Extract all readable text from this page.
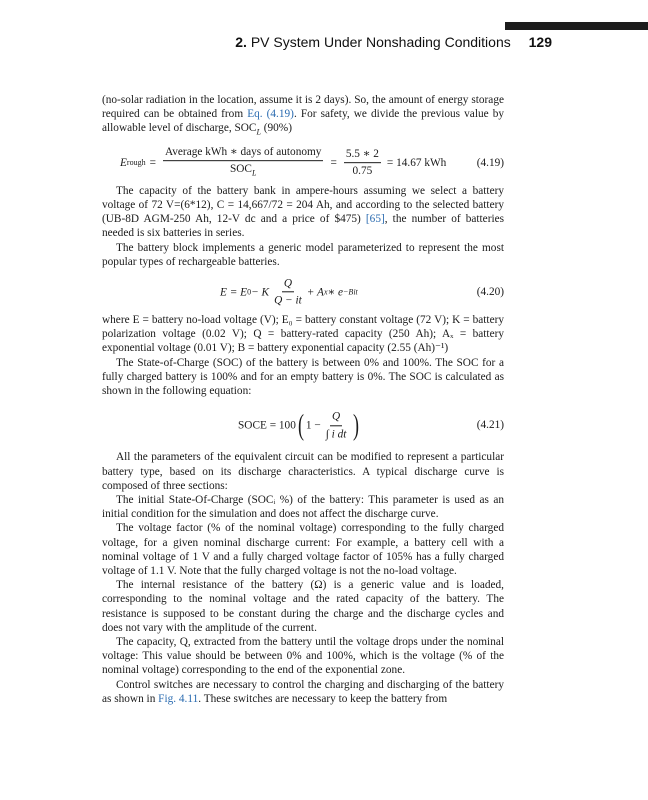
2. PV System Under Nonshading Conditions 129

(no-solar radiation in the location, assume it is 2 days). So, the amount of energy storage required can be obtained from Eq. (4.19). For safety, we divide the previous value by allowable level of discharge, $SOC_L$ (90%)

E rough = $\frac{\text{Average kWh ∗ days of autonomy}}{SOC_L} = \frac{5.5 ∗ 2}{0.75} = 14.67$ kWh	(4.19)

The capacity of the battery bank in ampere-hours assuming we select a battery voltage of 72 V=(6*12), C = 14,667/72 = 204 Ah, and according to the selected battery (UB-8D AGM-250 Ah, 12-V dc and a price of $475) [65], the number of batteries needed is six batteries in series.

The battery block implements a generic model parameterized to represent the most popular types of rechargeable batteries.

E = E 0 − K $\frac{Q}{Q - it} + A$ x ∗ e −Bit	(4.20)

where E = battery no-load voltage (V); E₀ = battery constant voltage (72 V); K = battery polarization voltage (0.02 V); Q = battery-rated capacity (250 Ah); Aₓ = battery exponential voltage (0.01 V); B = battery exponential capacity (2.55 (Ah)⁻¹)

The State-of-Charge (SOC) of the battery is between 0% and 100%. The SOC for a fully charged battery is 100% and for an empty battery is 0%. The SOC is calculated as shown in the following equation:

SOCE = 100 ( $1 - \frac{Q}{\text{∫ i dt}}$ )	(4.21)

All the parameters of the equivalent circuit can be modified to represent a particular battery type, based on its discharge characteristics. A typical discharge curve is composed of three sections:

The initial State-Of-Charge (SOCᵢ %) of the battery: This parameter is used as an initial condition for the simulation and does not affect the discharge curve.

The voltage factor (% of the nominal voltage) corresponding to the fully charged voltage, for a given nominal discharge current: For example, a battery cell with a nominal voltage of 1 V and a fully charged voltage factor of 105% has a fully charged voltage of 1.1 V. Note that the fully charged voltage is not the no-load voltage.

The internal resistance of the battery (Ω) is a generic value and is loaded, corresponding to the nominal voltage and the rated capacity of the battery. The resistance is supposed to be constant during the charge and the discharge cycles and does not vary with the amplitude of the current.

The capacity, Q, extracted from the battery until the voltage drops under the nominal voltage: This value should be between 0% and 100%, which is the voltage (% of the nominal voltage) corresponding to the end of the exponential zone.

Control switches are necessary to control the charging and discharging of the battery as shown in Fig. 4.11. These switches are necessary to keep the battery from
